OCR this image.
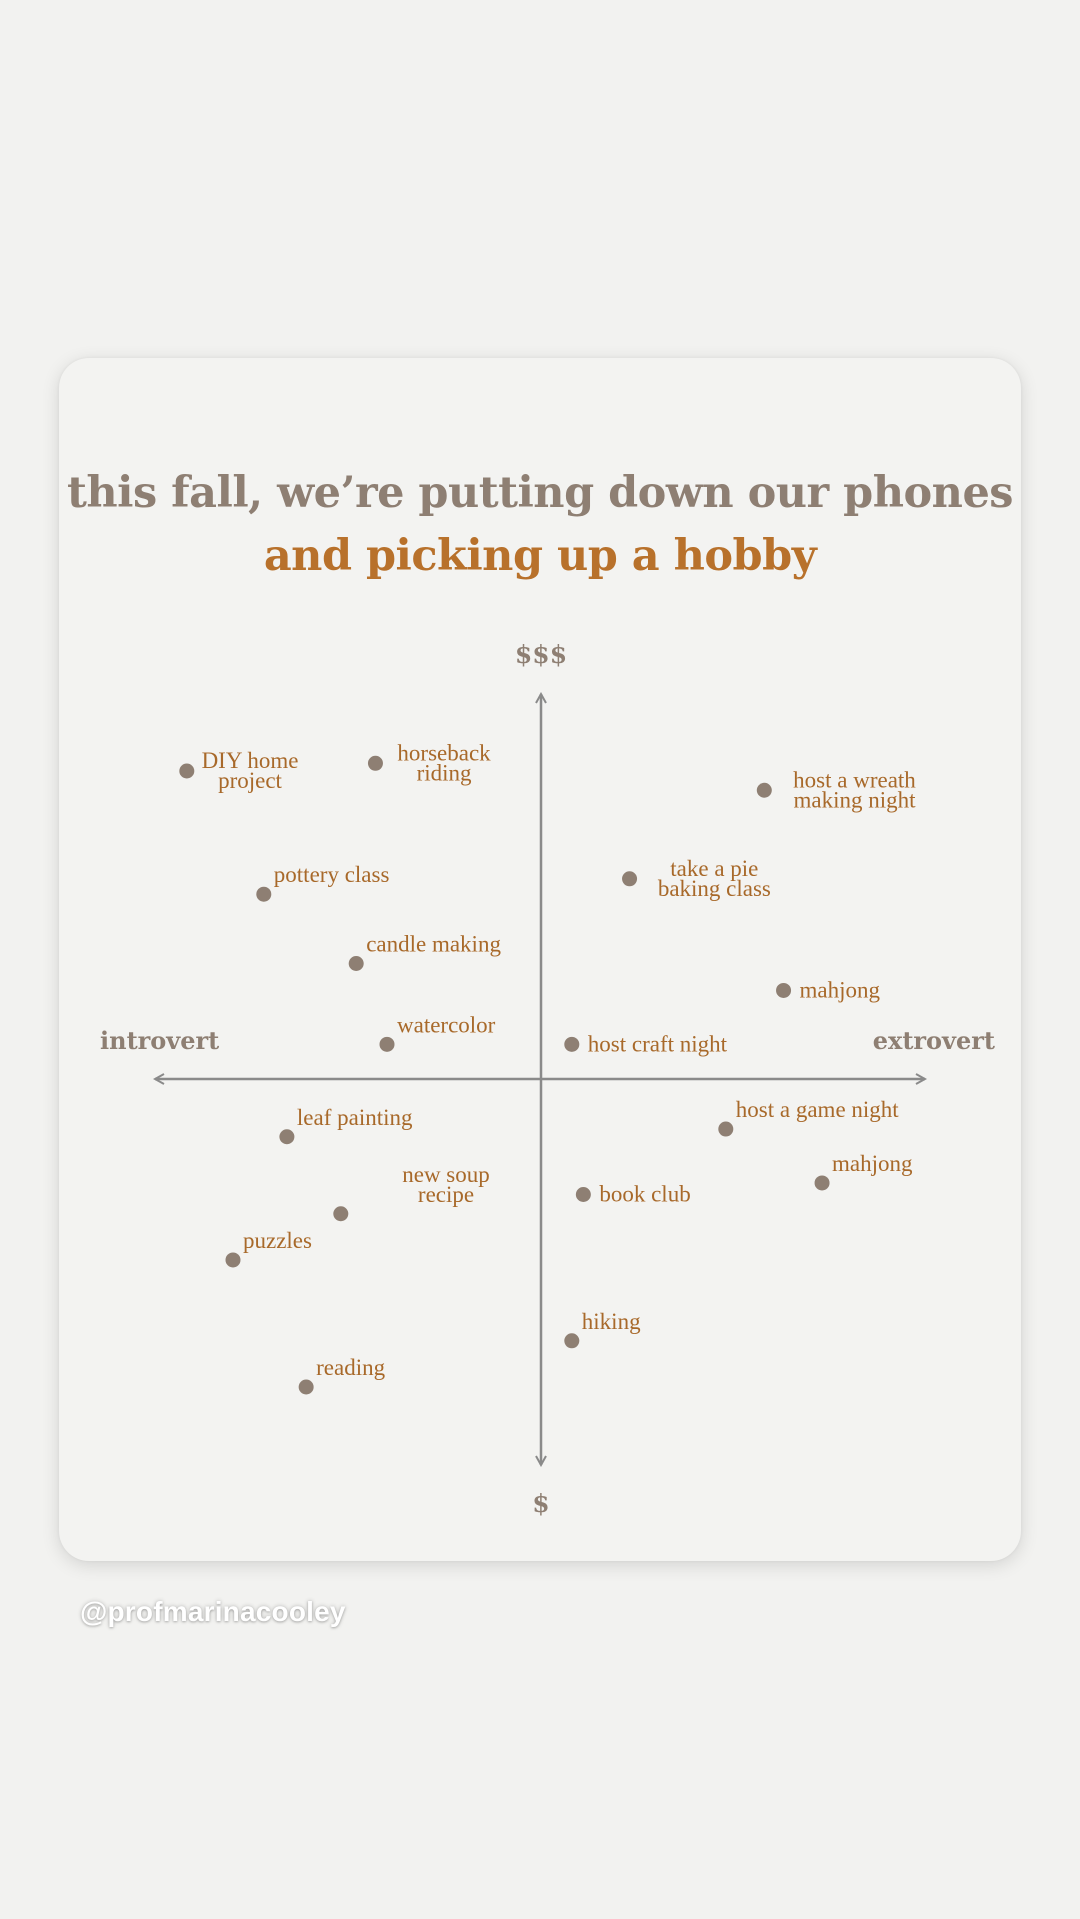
this fall, we’re putting down our phones
and picking up a hobby
$$$
$
introvert	extrovert
DIY home project
horseback riding	host a wreath making night
pottery class	take a pie baking class
candle making
mahjong
watercolor
host craft night
leaf painting	host a game night
mahjong
book club
new soup recipe
puzzles
hiking
reading
@profmarinacooley
